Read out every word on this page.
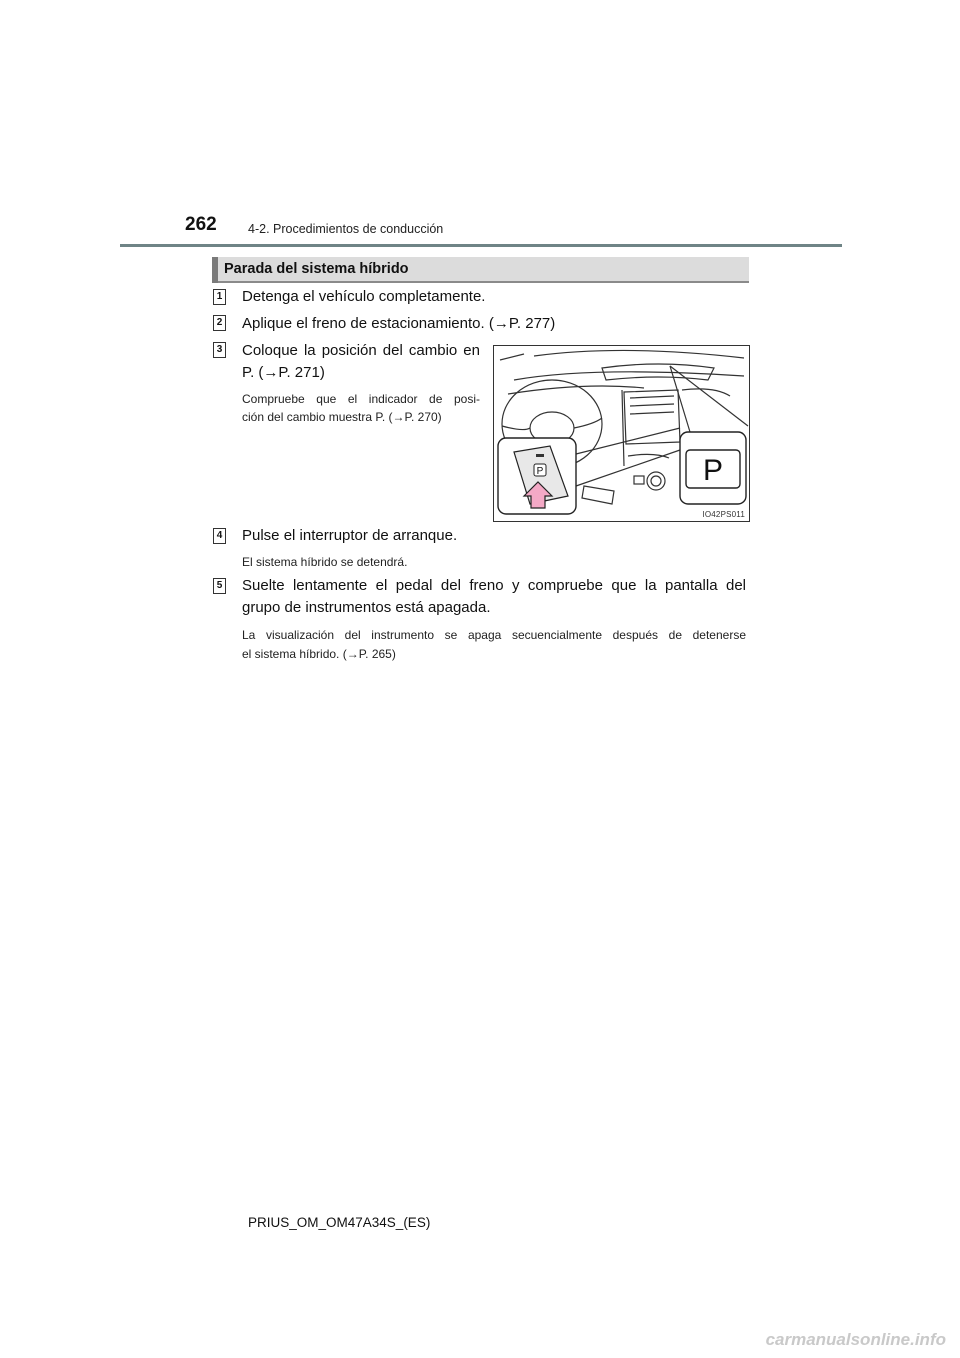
262	4-2. Procedimientos de conducción
Parada del sistema híbrido
1 Detenga el vehículo completamente.
2 Aplique el freno de estacionamiento. (→P. 277)
3 Coloque la posición del cambio en
P. (→P. 271)
Compruebe que el indicador de posi-
ción del cambio muestra P. (→P. 270)
P	P
IO42PS011
4 Pulse el interruptor de arranque.
El sistema híbrido se detendrá.
5 Suelte lentamente el pedal del freno y compruebe que la pantalla del
grupo de instrumentos está apagada.
La visualización del instrumento se apaga secuencialmente después de detenerse
el sistema híbrido. (→P. 265)
PRIUS_OM_OM47A34S_(ES)
carmanualsonline.info
